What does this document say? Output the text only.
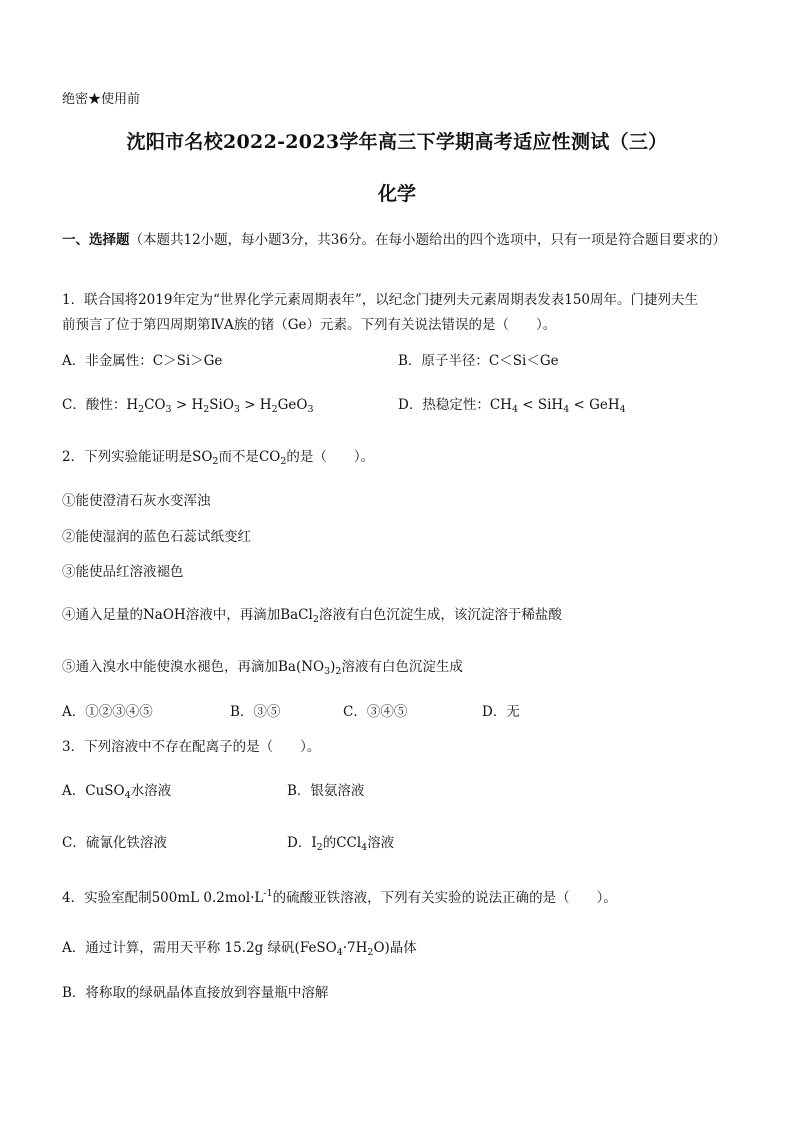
绝密★使用前
沈阳市名校2022-2023学年高三下学期高考适应性测试（三）
化学
一、选择题（本题共12小题，每小题3分，共36分。在每小题给出的四个选项中，只有一项是符合题目要求的）
1．联合国将2019年定为“世界化学元素周期表年”，以纪念门捷列夫元素周期表发表150周年。门捷列夫生
前预言了位于第四周期第ⅣA族的锗（Ge）元素。下列有关说法错误的是（　　）。
A．非金属性：C＞Si＞Ge	B．原子半径：C＜Si＜Ge
C．酸性：$H_2CO_3 > H_2SiO_3 > H_2GeO_3$	D．热稳定性：$CH_4 < SiH_4 < GeH_4$
2．下列实验能证明是$SO_2$而不是$CO_2$的是（　　）。
①能使澄清石灰水变浑浊
②能使湿润的蓝色石蕊试纸变红
③能使品红溶液褪色
④通入足量的NaOH溶液中，再滴加BaCl$_2$溶液有白色沉淀生成，该沉淀溶于稀盐酸
⑤通入溴水中能使溴水褪色，再滴加$Ba(NO_3)_2$溶液有白色沉淀生成
A．①②③④⑤	B．③⑤	C．③④⑤	D．无
3．下列溶液中不存在配离子的是（　　）。
A．CuSO$_4$水溶液	B．银氨溶液
C．硫氰化铁溶液	D．$I_2$的CCl$_4$溶液
4．实验室配制500mL $0.2mol\cdot L^{-1}$的硫酸亚铁溶液，下列有关实验的说法正确的是（　　）。
A．通过计算，需用天平称 15.2g 绿矾$(FeSO_4\cdot 7H_2O)$晶体
B．将称取的绿矾晶体直接放到容量瓶中溶解
